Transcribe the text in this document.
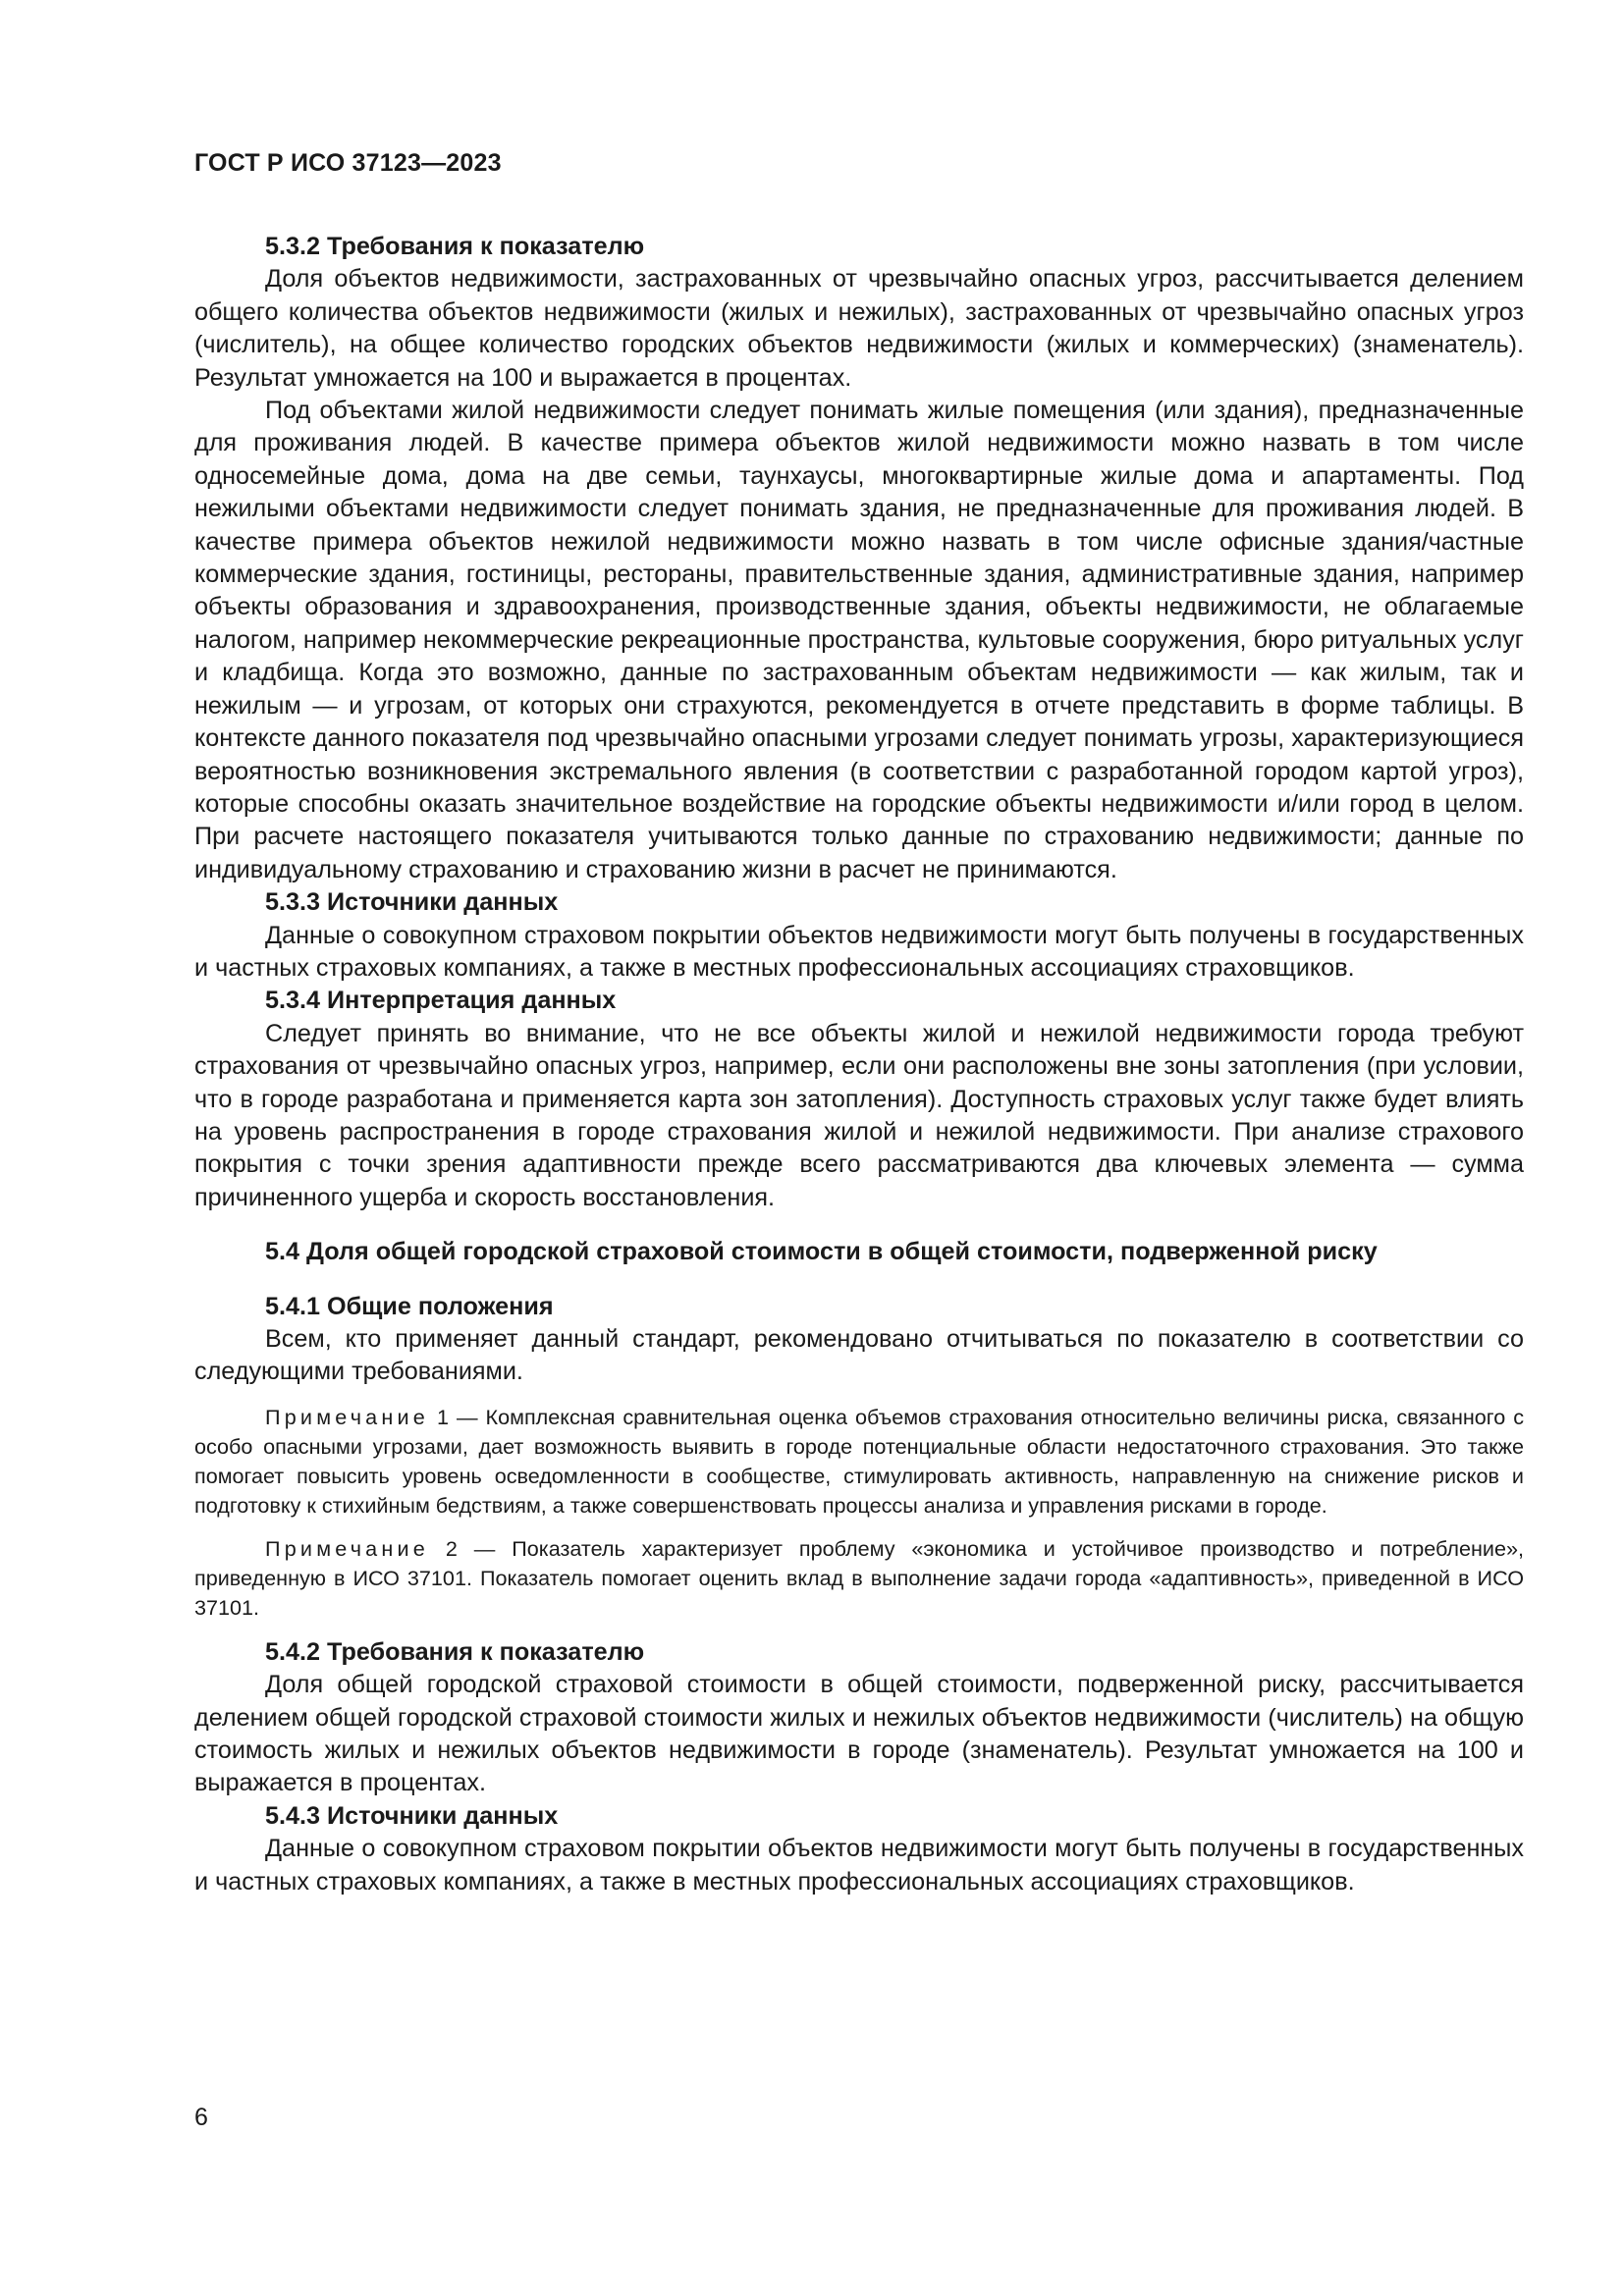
ГОСТ Р ИСО 37123—2023

5.3.2 Требования к показателю

Доля объектов недвижимости, застрахованных от чрезвычайно опасных угроз, рассчитывается делением общего количества объектов недвижимости (жилых и нежилых), застрахованных от чрезвычайно опасных угроз (числитель), на общее количество городских объектов недвижимости (жилых и коммерческих) (знаменатель). Результат умножается на 100 и выражается в процентах.

Под объектами жилой недвижимости следует понимать жилые помещения (или здания), предназначенные для проживания людей. В качестве примера объектов жилой недвижимости можно назвать в том числе односемейные дома, дома на две семьи, таунхаусы, многоквартирные жилые дома и апартаменты. Под нежилыми объектами недвижимости следует понимать здания, не предназначенные для проживания людей. В качестве примера объектов нежилой недвижимости можно назвать в том числе офисные здания/частные коммерческие здания, гостиницы, рестораны, правительственные здания, административные здания, например объекты образования и здравоохранения, производственные здания, объекты недвижимости, не облагаемые налогом, например некоммерческие рекреационные пространства, культовые сооружения, бюро ритуальных услуг и кладбища. Когда это возможно, данные по застрахованным объектам недвижимости — как жилым, так и нежилым — и угрозам, от которых они страхуются, рекомендуется в отчете представить в форме таблицы. В контексте данного показателя под чрезвычайно опасными угрозами следует понимать угрозы, характеризующиеся вероятностью возникновения экстремального явления (в соответствии с разработанной городом картой угроз), которые способны оказать значительное воздействие на городские объекты недвижимости и/или город в целом. При расчете настоящего показателя учитываются только данные по страхованию недвижимости; данные по индивидуальному страхованию и страхованию жизни в расчет не принимаются.

5.3.3 Источники данных

Данные о совокупном страховом покрытии объектов недвижимости могут быть получены в государственных и частных страховых компаниях, а также в местных профессиональных ассоциациях страховщиков.

5.3.4 Интерпретация данных

Следует принять во внимание, что не все объекты жилой и нежилой недвижимости города требуют страхования от чрезвычайно опасных угроз, например, если они расположены вне зоны затопления (при условии, что в городе разработана и применяется карта зон затопления). Доступность страховых услуг также будет влиять на уровень распространения в городе страхования жилой и нежилой недвижимости. При анализе страхового покрытия с точки зрения адаптивности прежде всего рассматриваются два ключевых элемента — сумма причиненного ущерба и скорость восстановления.

5.4 Доля общей городской страховой стоимости в общей стоимости, подверженной риску
5.4.1 Общие положения

Всем, кто применяет данный стандарт, рекомендовано отчитываться по показателю в соответствии со следующими требованиями.

Примечание 1 — Комплексная сравнительная оценка объемов страхования относительно величины риска, связанного с особо опасными угрозами, дает возможность выявить в городе потенциальные области недостаточного страхования. Это также помогает повысить уровень осведомленности в сообществе, стимулировать активность, направленную на снижение рисков и подготовку к стихийным бедствиям, а также совершенствовать процессы анализа и управления рисками в городе.

Примечание 2 — Показатель характеризует проблему «экономика и устойчивое производство и потребление», приведенную в ИСО 37101. Показатель помогает оценить вклад в выполнение задачи города «адаптивность», приведенной в ИСО 37101.

5.4.2 Требования к показателю

Доля общей городской страховой стоимости в общей стоимости, подверженной риску, рассчитывается делением общей городской страховой стоимости жилых и нежилых объектов недвижимости (числитель) на общую стоимость жилых и нежилых объектов недвижимости в городе (знаменатель). Результат умножается на 100 и выражается в процентах.

5.4.3 Источники данных

Данные о совокупном страховом покрытии объектов недвижимости могут быть получены в государственных и частных страховых компаниях, а также в местных профессиональных ассоциациях страховщиков.

6
